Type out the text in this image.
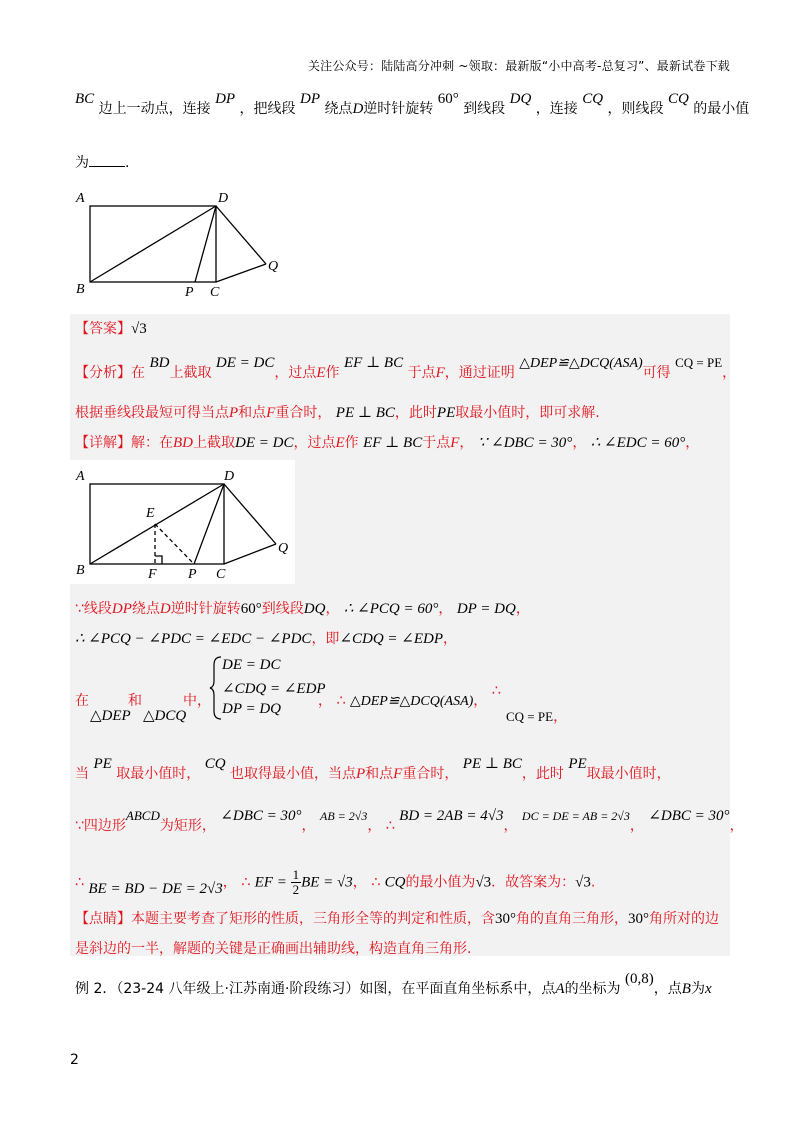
关注公众号：陆陆高分冲刺 ~领取：最新版“小中高考-总复习”、最新试卷下载
BC 边上一动点，连接 DP ，把线段 DP 绕点D逆时针旋转 60° 到线段 DQ ，连接 CQ ，则线段 CQ 的最小值
为	.
A	D
B	P C
Q
【答案】√3
【分析】在 BD上截取 DE = DC，过点E作 EF ⊥ BC 于点F，通过证明 △DEP≌△DCQ(ASA)可得 CQ = PE，
根据垂线段最短可得当点P和点F重合时， PE ⊥ BC，此时PE取最小值时，即可求解.
【详解】解：在BD上截取DE = DC，过点E作 EF ⊥ BC于点F， ∵ ∠DBC = 30°， ∴ ∠EDC = 60°，
A	D
E
B	F P C
Q
∵线段DP绕点D逆时针旋转60°到线段DQ， ∴ ∠PCQ = 60°， DP = DQ，
∴ ∠PCQ − ∠PDC = ∠EDC − ∠PDC，即∠CDQ = ∠EDP，
在
△DEP
和
△DCQ
中，
DE = DC
∠CDQ = ∠EDP
DP = DQ	， ∴ △DEP≌△DCQ(ASA)， ∴
CQ = PE，
当 PE 取最小值时， CQ 也取得最小值，当点P和点F重合时， PE ⊥ BC，此时 PE取最小值时，
∵四边形ABCD为矩形， ∠DBC = 30°， AB = 2√3， ∴ BD = 2AB = 4√3， DC = DE = AB = 2√3， ∠DBC = 30°，
∴ BE = BD − DE = 2√3， ∴ EF = $\frac{1}{2}$ BE = √3， ∴ CQ的最小值为√3．故答案为：√3.
【点睛】本题主要考查了矩形的性质，三角形全等的判定和性质，含30°角的直角三角形，30°角所对的边
是斜边的一半，解题的关键是正确画出辅助线，构造直角三角形.
例 2．（23-24 八年级上·江苏南通·阶段练习）如图，在平面直角坐标系中，点A的坐标为 (0,8)，点B为x
2
